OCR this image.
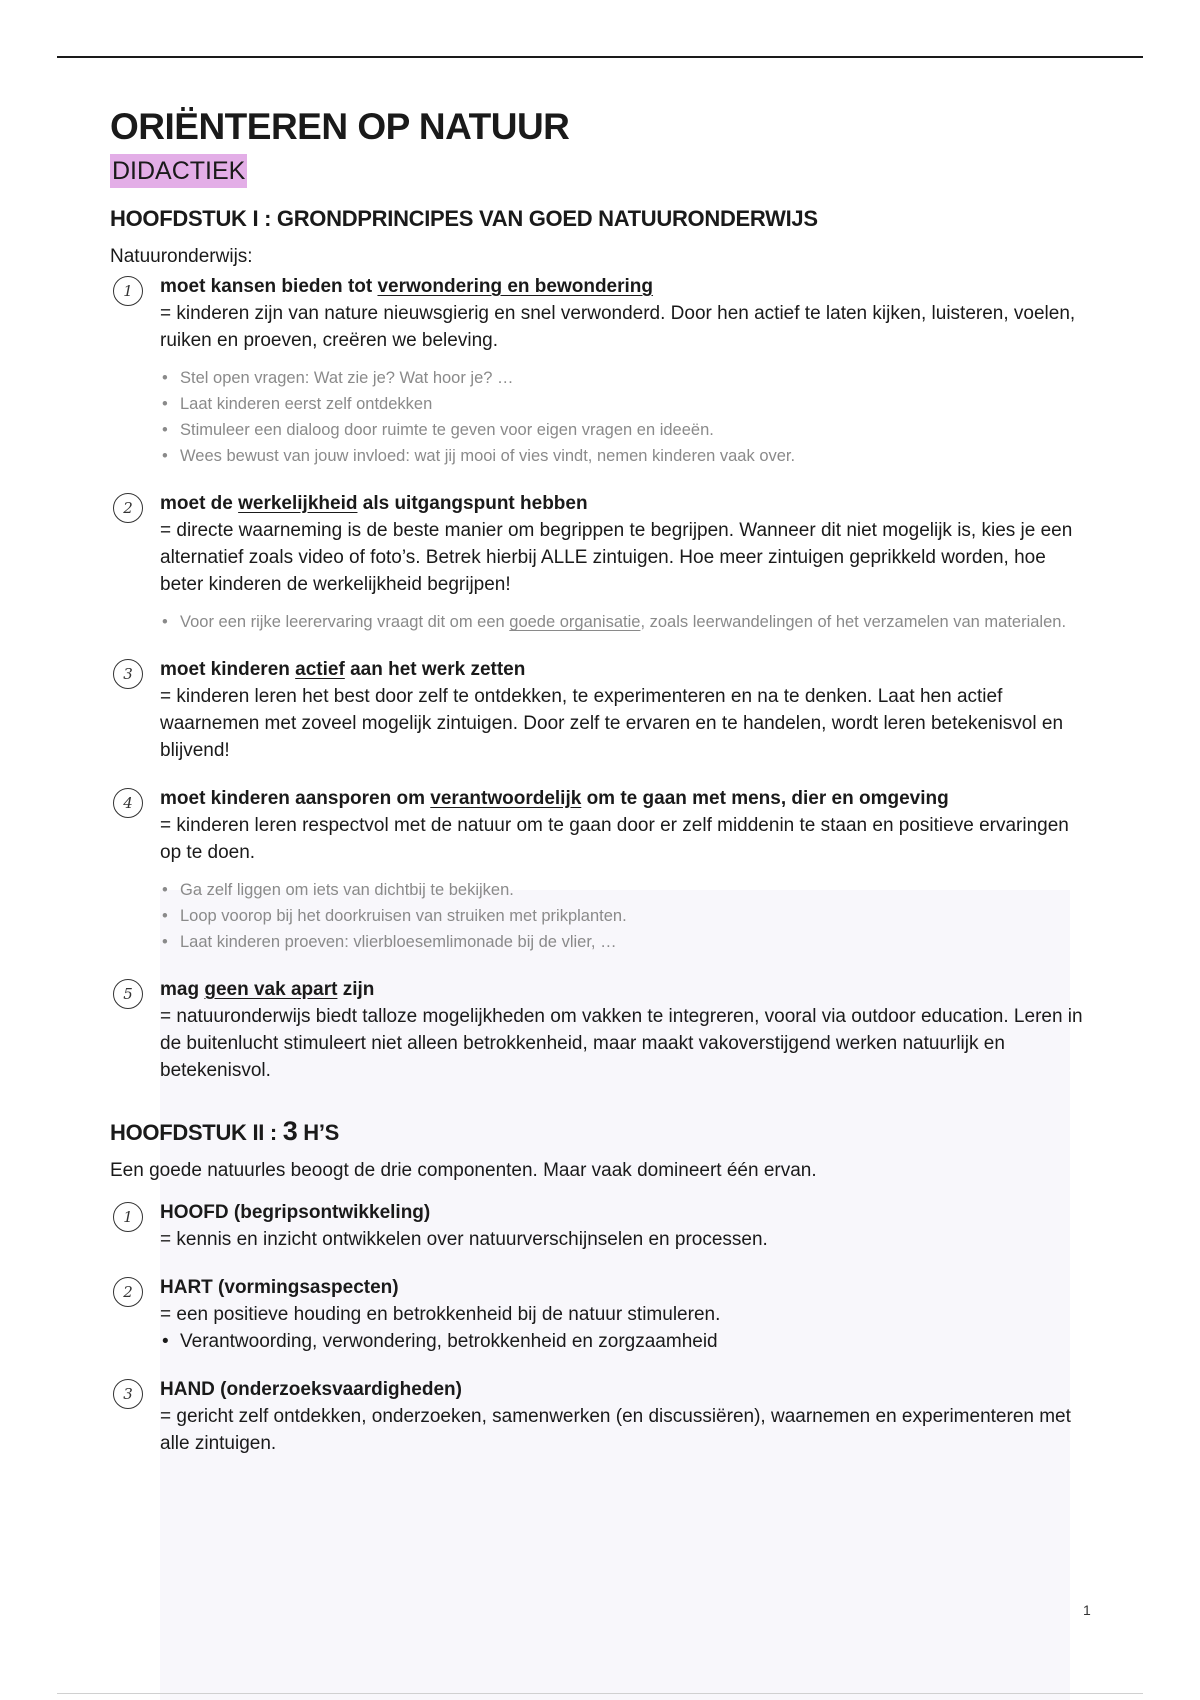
ORIËNTEREN OP NATUUR
DIDACTIEK
HOOFDSTUK I : GRONDPRINCIPES VAN GOED NATUURONDERWIJS

Natuuronderwijs:

1	moet kansen bieden tot verwondering en bewondering
= kinderen zijn van nature nieuwsgierig en snel verwonderd. Door hen actief te laten kijken, luisteren, voelen, ruiken en proeven, creëren we beleving.
• Stel open vragen: Wat zie je? Wat hoor je? …
• Laat kinderen eerst zelf ontdekken
• Stimuleer een dialoog door ruimte te geven voor eigen vragen en ideeën.
• Wees bewust van jouw invloed: wat jij mooi of vies vindt, nemen kinderen vaak over.
2	moet de werkelijkheid als uitgangspunt hebben
= directe waarneming is de beste manier om begrippen te begrijpen. Wanneer dit niet mogelijk is, kies je een alternatief zoals video of foto’s. Betrek hierbij ALLE zintuigen. Hoe meer zintuigen geprikkeld worden, hoe beter kinderen de werkelijkheid begrijpen!
• Voor een rijke leerervaring vraagt dit om een goede organisatie, zoals leerwandelingen of het verzamelen van materialen.
3	moet kinderen actief aan het werk zetten
= kinderen leren het best door zelf te ontdekken, te experimenteren en na te denken. Laat hen actief waarnemen met zoveel mogelijk zintuigen. Door zelf te ervaren en te handelen, wordt leren betekenisvol en blijvend!
4	moet kinderen aansporen om verantwoordelijk om te gaan met mens, dier en omgeving
= kinderen leren respectvol met de natuur om te gaan door er zelf middenin te staan en positieve ervaringen op te doen.
• Ga zelf liggen om iets van dichtbij te bekijken.
• Loop voorop bij het doorkruisen van struiken met prikplanten.
• Laat kinderen proeven: vlierbloesemlimonade bij de vlier, …
5	mag geen vak apart zijn
= natuuronderwijs biedt talloze mogelijkheden om vakken te integreren, vooral via outdoor education. Leren in de buitenlucht stimuleert niet alleen betrokkenheid, maar maakt vakoverstijgend werken natuurlijk en betekenisvol.
HOOFDSTUK II : 3 H’S

Een goede natuurles beoogt de drie componenten. Maar vaak domineert één ervan.

1	HOOFD (begripsontwikkeling)
= kennis en inzicht ontwikkelen over natuurverschijnselen en processen.
2	HART (vormingsaspecten)
= een positieve houding en betrokkenheid bij de natuur stimuleren.
• Verantwoording, verwondering, betrokkenheid en zorgzaamheid
3	HAND (onderzoeksvaardigheden)
= gericht zelf ontdekken, onderzoeken, samenwerken (en discussiëren), waarnemen en experimenteren met alle zintuigen.
1
